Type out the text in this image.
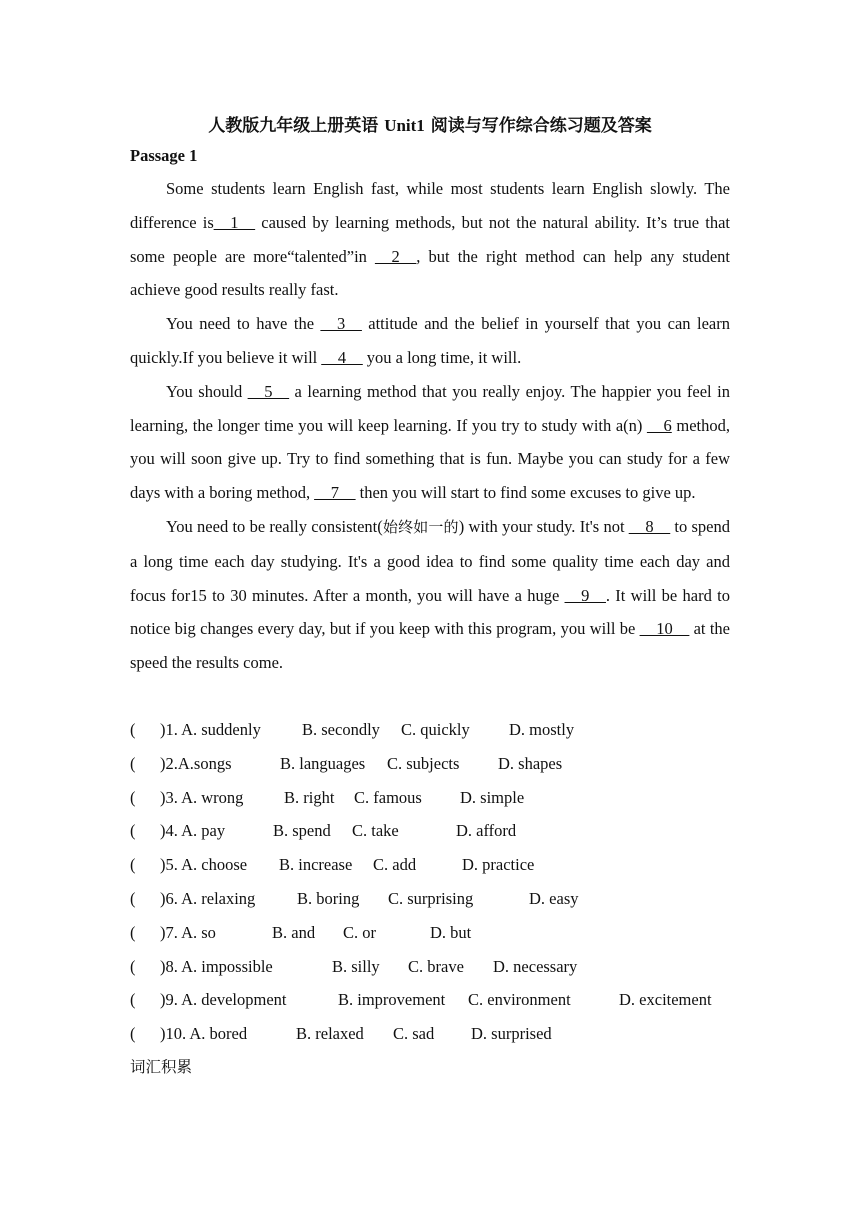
人教版九年级上册英语 Unit1 阅读与写作综合练习题及答案
Passage 1

Some students learn English fast, while most students learn English slowly. The difference is__1__ caused by learning methods, but not the natural ability. It’s true that some people are more“talented”in __2__, but the right method can help any student achieve good results really fast.

You need to have the __3__ attitude and the belief in yourself that you can learn quickly.If you believe it will __4__ you a long time, it will.

You should __5__ a learning method that you really enjoy. The happier you feel in learning, the longer time you will keep learning. If you try to study with a(n) __6 method, you will soon give up. Try to find something that is fun. Maybe you can study for a few days with a boring method, __7__ then you will start to find some excuses to give up.

You need to be really consistent(始终如一的) with your study. It's not __8__ to spend a long time each day studying. It's a good idea to find some quality time each day and focus for15 to 30 minutes. After a month, you will have a huge __9__. It will be hard to notice big changes every day, but if you keep with this program, you will be __10__ at the speed the results come.

( )1. A. suddenly B. secondly C. quickly D. mostly
( )2.A.songs	B. languages C. subjects D. shapes
( )3. A. wrong B. right C. famous D. simple
( )4. A. pay	B. spend C. take	D. afford
( )5. A. choose B. increase C. add	D. practice
( )6. A. relaxing	B. boring C. surprising	D. easy
( )7. A. so	B. and C. or	D. but
( )8. A. impossible	B. silly C. brave D. necessary
( )9. A. development	B. improvement C. environment	D. excitement
( )10. A. bored	B. relaxed C. sad D. surprised
词汇积累
